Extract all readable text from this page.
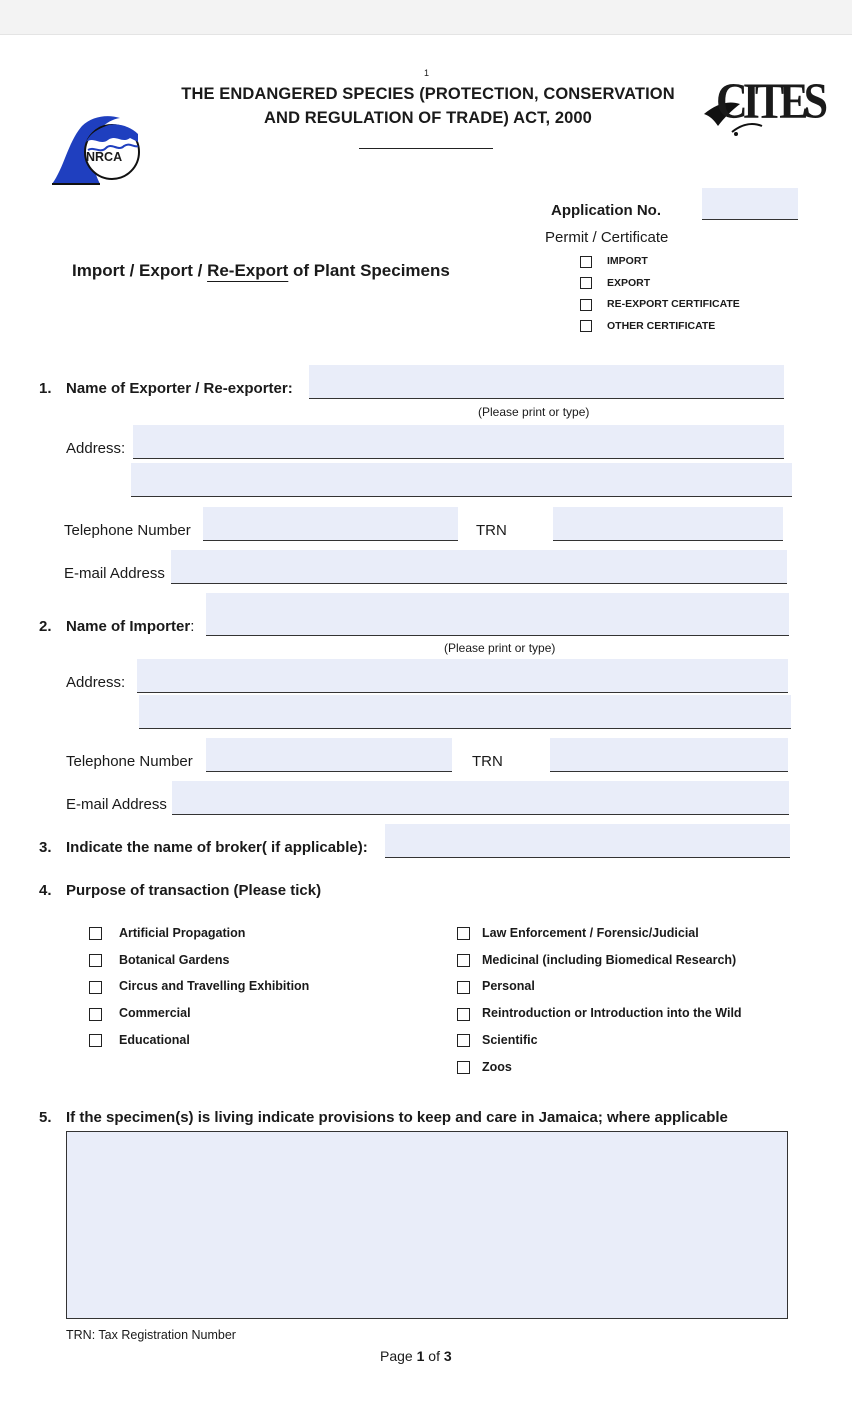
1
THE ENDANGERED SPECIES (PROTECTION, CONSERVATION
AND REGULATION OF TRADE) ACT, 2000
NRCA
CITES
Application No.
Permit / Certificate
IMPORT
EXPORT
RE-EXPORT CERTIFICATE
OTHER CERTIFICATE
Import / Export / Re-Export of Plant Specimens
1. Name of Exporter / Re-exporter:
(Please print or type)
Address:
Telephone Number	TRN
E-mail Address
2. Name of Importer:
(Please print or type)
Address:
Telephone Number	TRN
E-mail Address
3. Indicate the name of broker( if applicable):
4. Purpose of transaction (Please tick)
Artificial Propagation
Botanical Gardens
Circus and Travelling Exhibition
Commercial
Educational
Law Enforcement / Forensic/Judicial
Medicinal (including Biomedical Research)
Personal
Reintroduction or Introduction into the Wild
Scientific
Zoos
5. If the specimen(s) is living indicate provisions to keep and care in Jamaica; where applicable
TRN: Tax Registration Number
Page 1 of 3
